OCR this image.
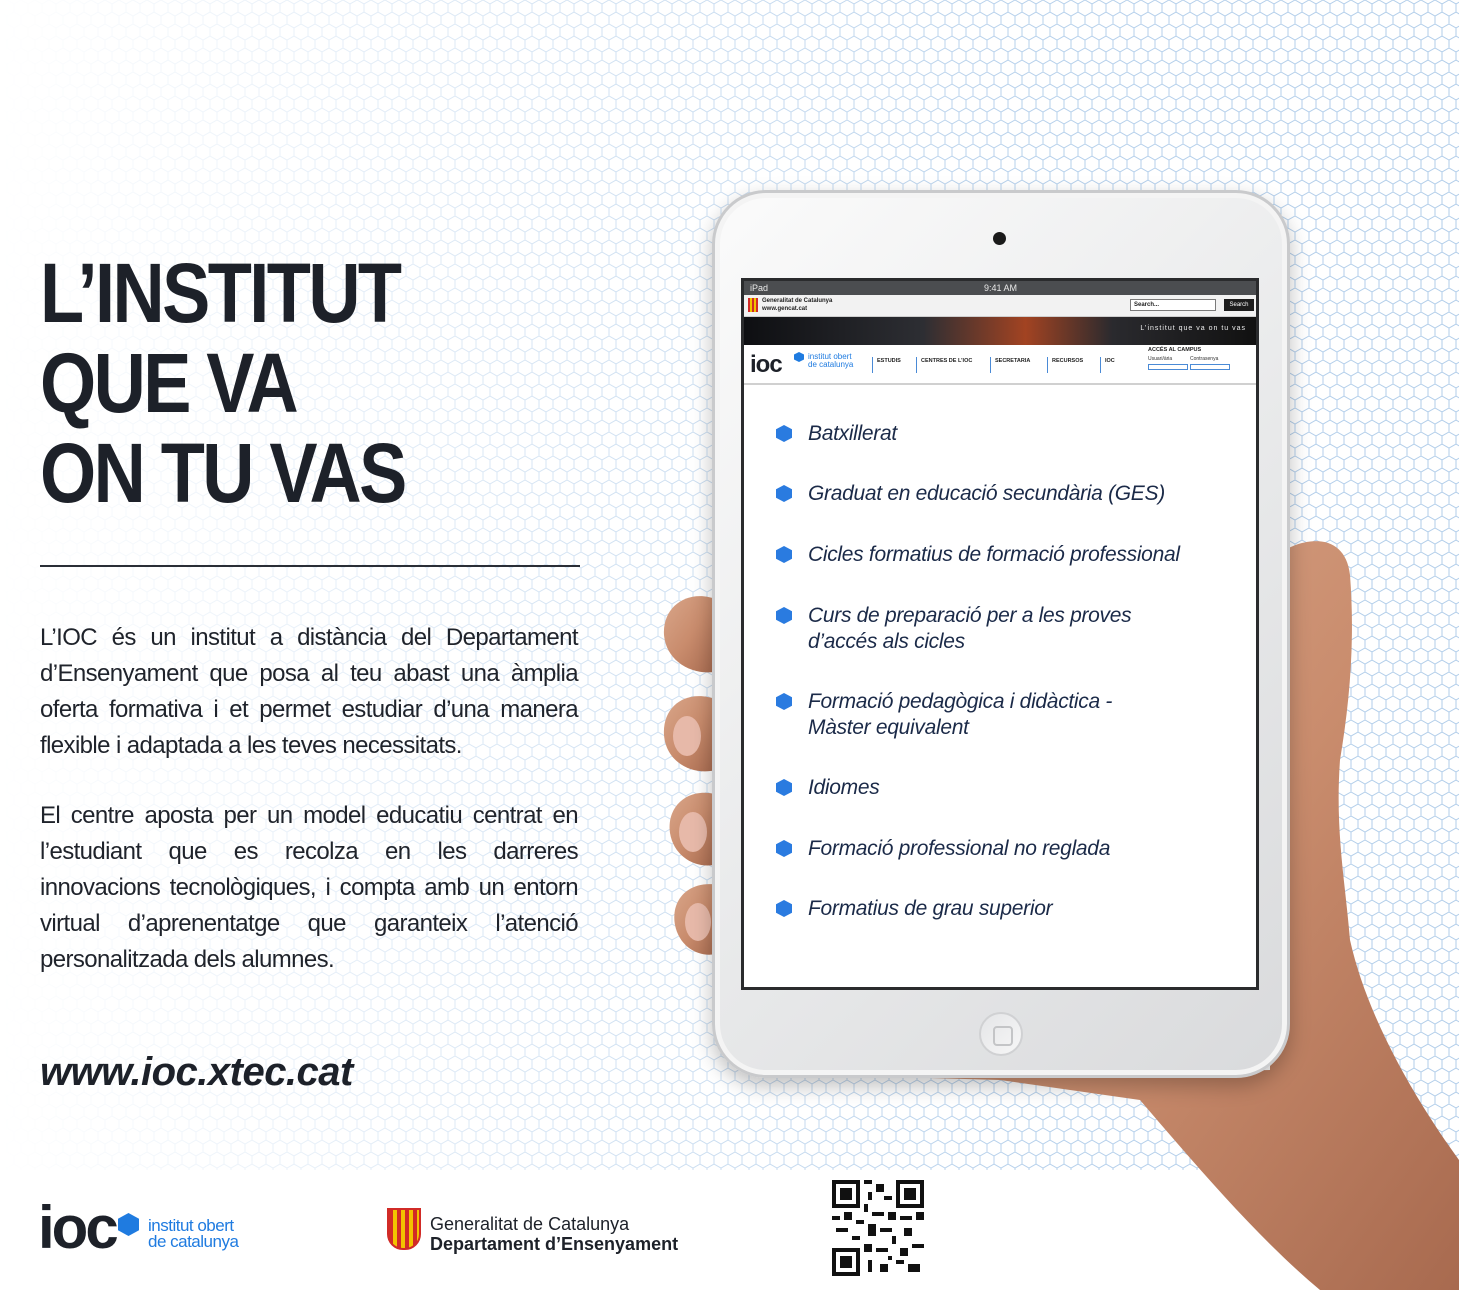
L’INSTITUT
QUE VA
ON TU VAS

L’IOC és un institut a distància del Departament d’Ensenyament que posa al teu abast una àmplia oferta formativa i et permet estudiar d’una manera flexible i adaptada a les teves necessitats.

El centre aposta per un model educatiu centrat en l’estudiant que es recolza en les darreres innovacions tecnològiques, i compta amb un entorn virtual d’aprenentatge que garanteix l’atenció personalitzada dels alumnes.

www.ioc.xtec.cat
iPad	9:41 AM
Generalitat de Catalunya
www.gencat.cat
Search...	Search
L’institut que va on tu vas
ioc	institut obert
de catalunya	ESTUDIS	CENTRES DE L’IOC	SECRETARIA	RECURSOS	IOC
ACCÉS AL CAMPUS
Usuari/ària	Contrasenya
Batxillerat
Graduat en educació secundària (GES)
Cicles formatius de formació professional
Curs de preparació per a les proves d’accés als cicles
Formació pedagògica i didàctica - Màster equivalent
Idiomes
Formació professional no reglada
Formatius de grau superior
ioc institut obert
de catalunya
Generalitat de Catalunya
Departament d’Ensenyament
